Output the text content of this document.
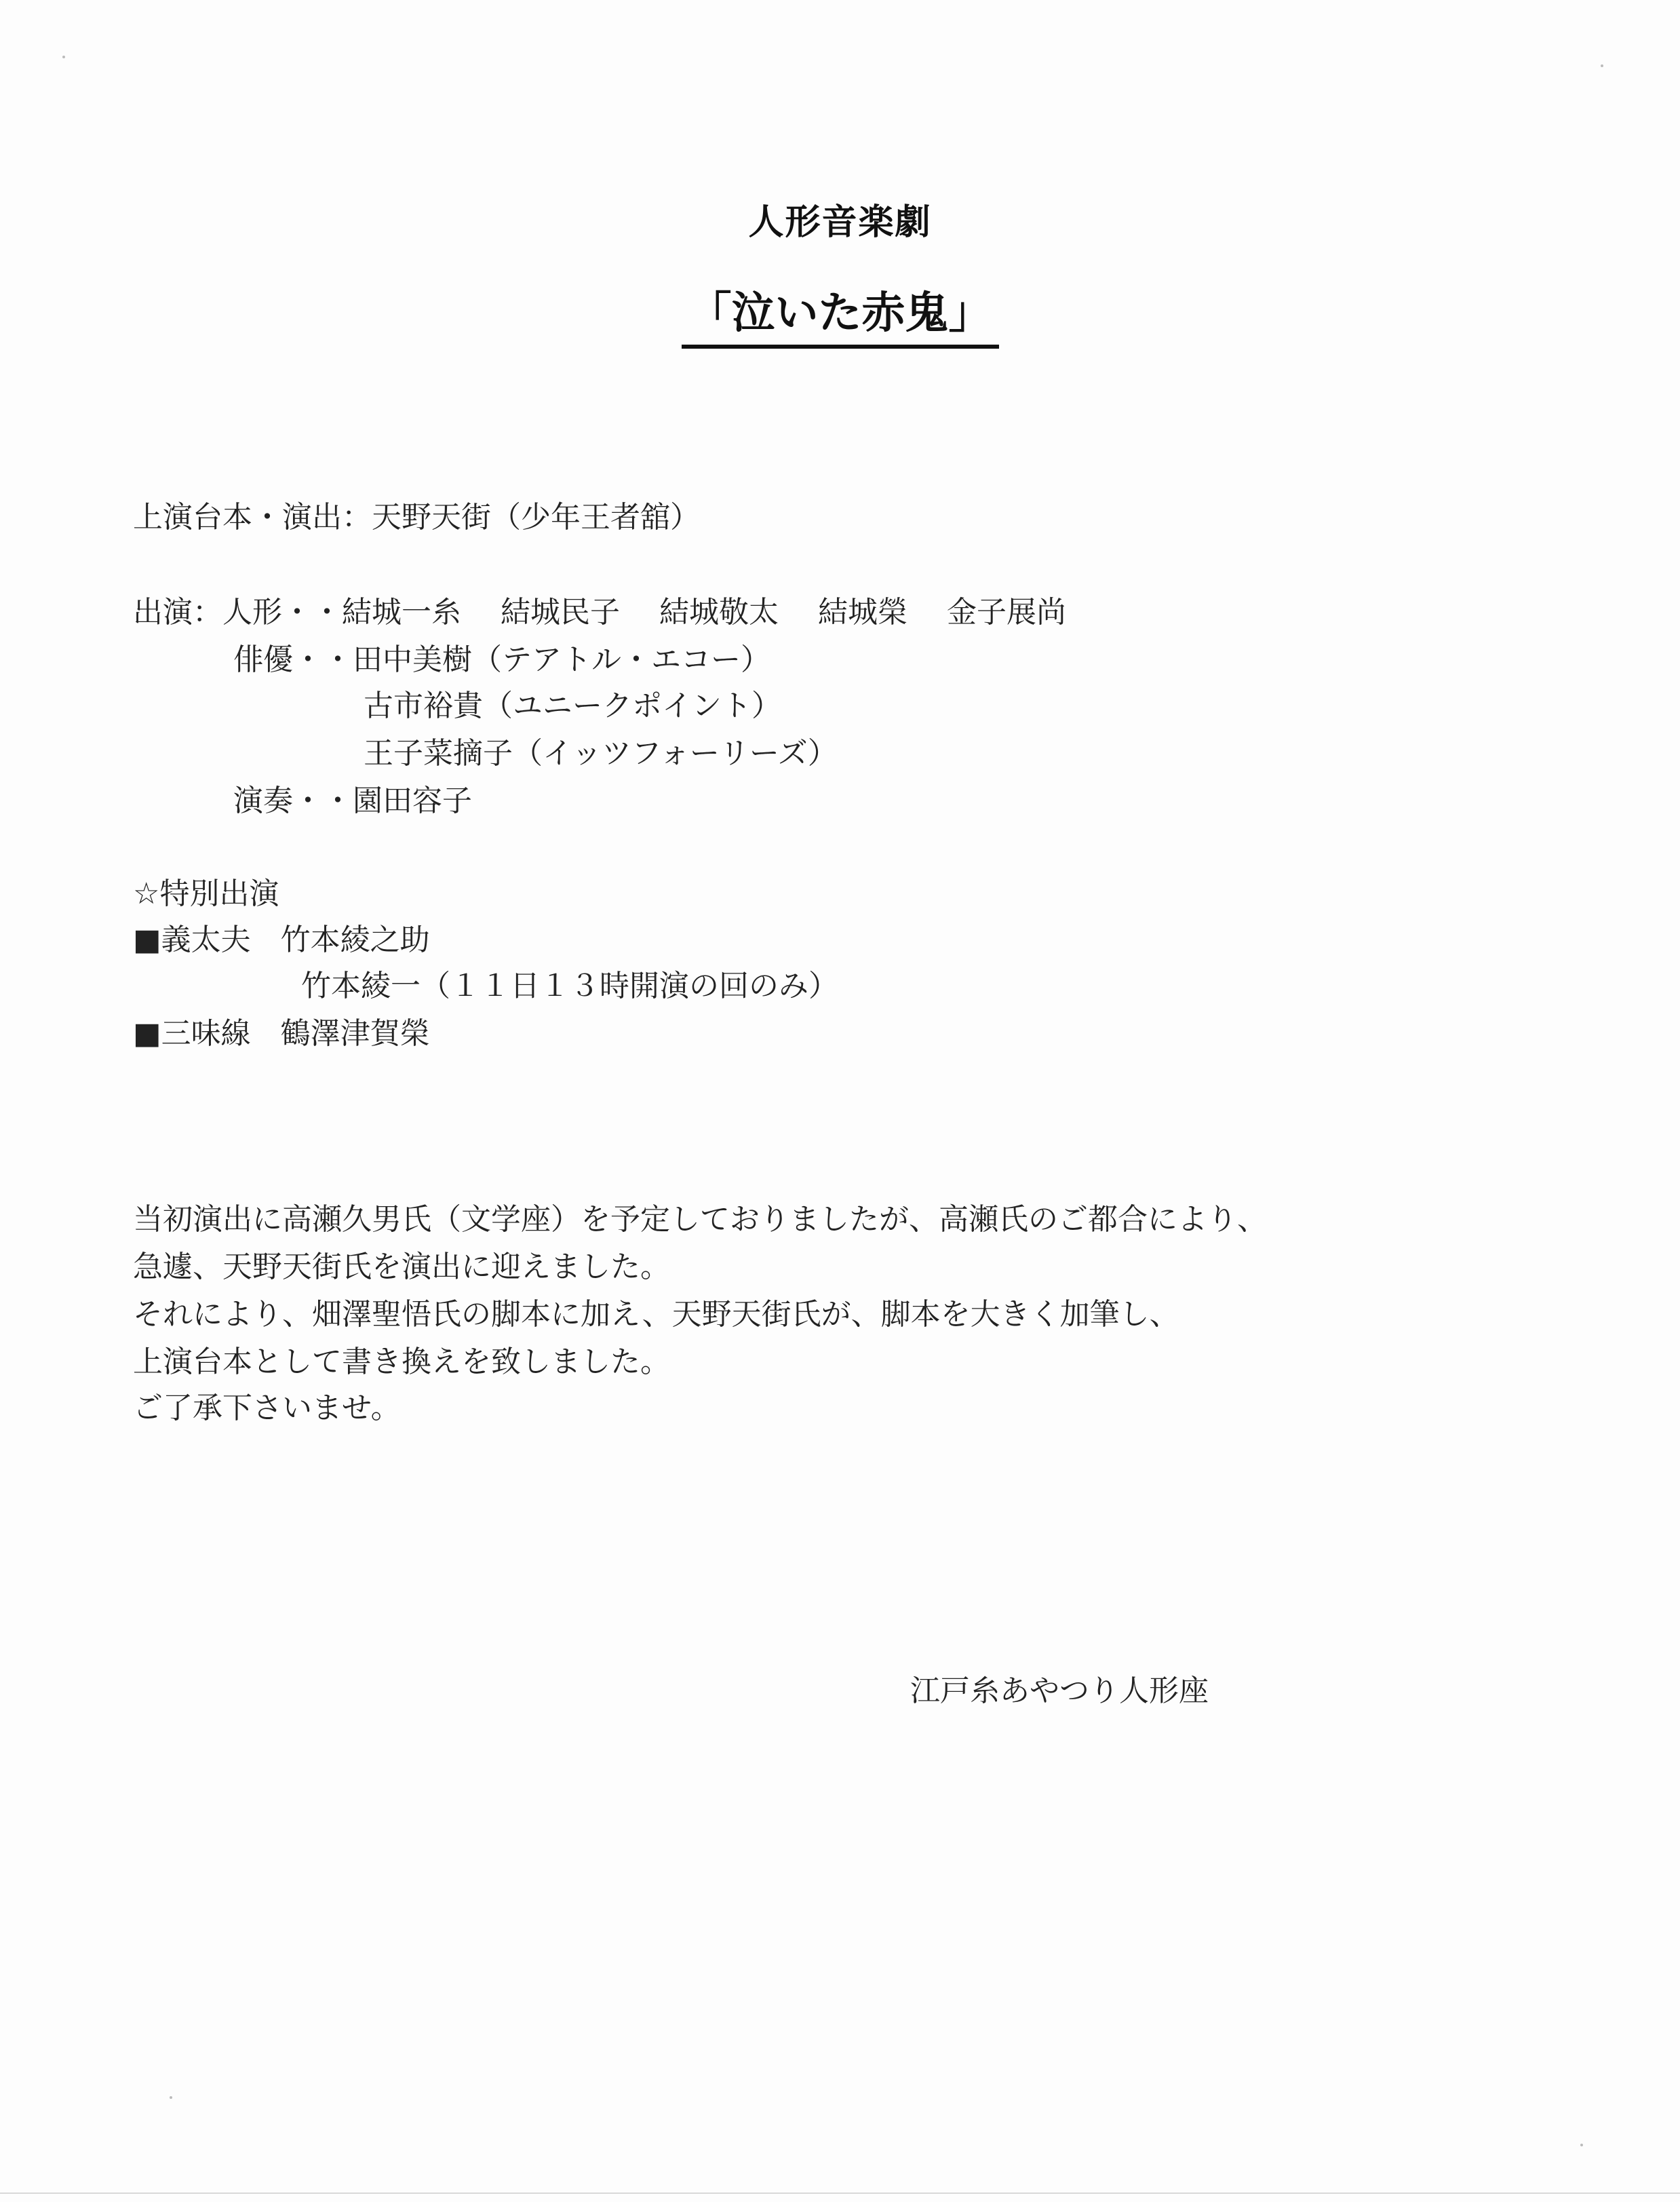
人形音楽劇
「泣いた赤鬼」
上演台本・演出：天野天街（少年王者舘）
出演：人形・・結城一糸 結城民子 結城敬太 結城榮 金子展尚
俳優・・田中美樹（テアトル・エコー）
古市裕貴（ユニークポイント）
王子菜摘子（イッツフォーリーズ）
演奏・・園田容子
☆特別出演
■義太夫　竹本綾之助
竹本綾一（１１日１３時開演の回のみ）
■三味線　鶴澤津賀榮
当初演出に高瀬久男氏（文学座）を予定しておりましたが、高瀬氏のご都合により、
急遽、天野天街氏を演出に迎えました。
それにより、畑澤聖悟氏の脚本に加え、天野天街氏が、脚本を大きく加筆し、
上演台本として書き換えを致しました。
ご了承下さいませ。
江戸糸あやつり人形座
